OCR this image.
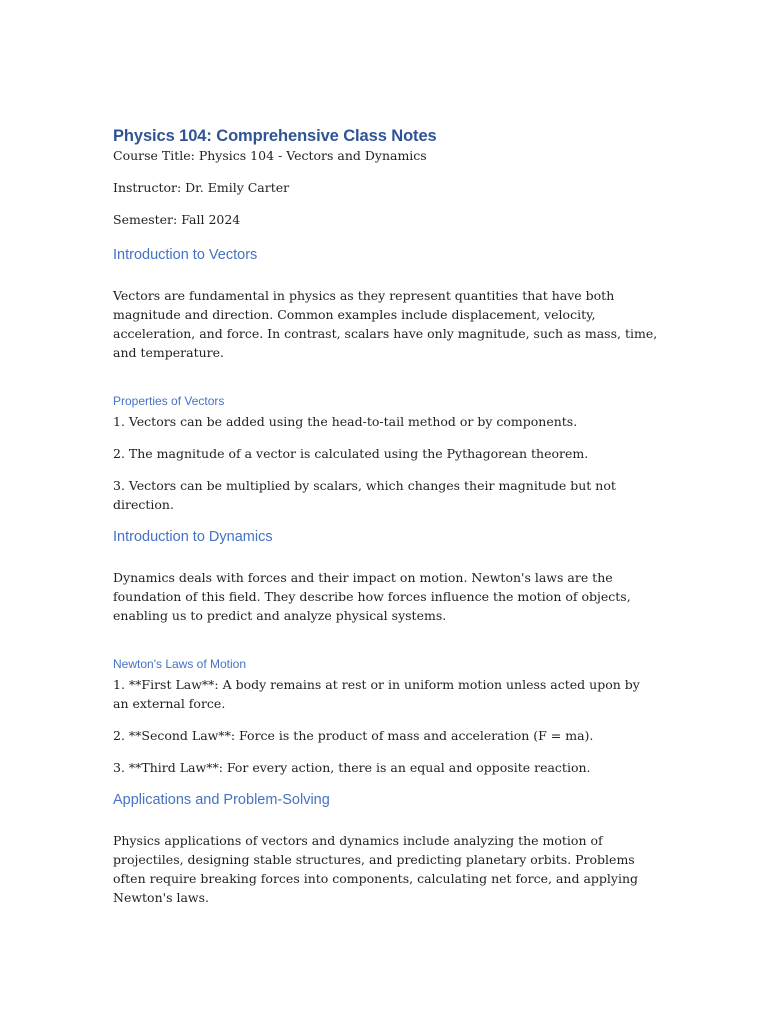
Physics 104: Comprehensive Class Notes

Course Title: Physics 104 - Vectors and Dynamics

Instructor: Dr. Emily Carter

Semester: Fall 2024

Introduction to Vectors

Vectors are fundamental in physics as they represent quantities that have both magnitude and direction. Common examples include displacement, velocity, acceleration, and force. In contrast, scalars have only magnitude, such as mass, time, and temperature.

Properties of Vectors

1. Vectors can be added using the head-to-tail method or by components.

2. The magnitude of a vector is calculated using the Pythagorean theorem.

3. Vectors can be multiplied by scalars, which changes their magnitude but not direction.

Introduction to Dynamics

Dynamics deals with forces and their impact on motion. Newton's laws are the foundation of this field. They describe how forces influence the motion of objects, enabling us to predict and analyze physical systems.

Newton's Laws of Motion

1. **First Law**: A body remains at rest or in uniform motion unless acted upon by an external force.

2. **Second Law**: Force is the product of mass and acceleration (F = ma).

3. **Third Law**: For every action, there is an equal and opposite reaction.

Applications and Problem-Solving

Physics applications of vectors and dynamics include analyzing the motion of projectiles, designing stable structures, and predicting planetary orbits. Problems often require breaking forces into components, calculating net force, and applying Newton's laws.
